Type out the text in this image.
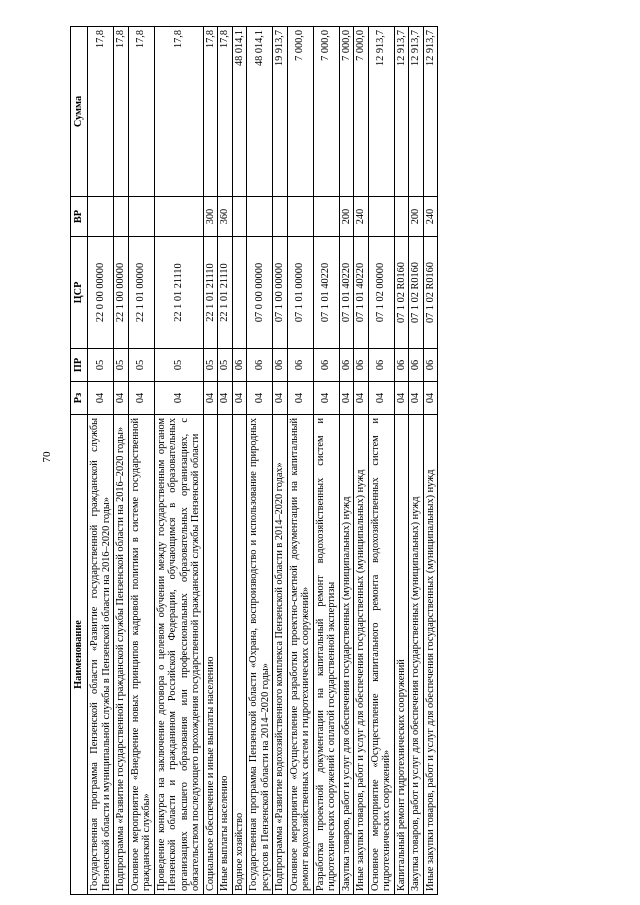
70
Наименование	Рз	ПР	ЦСР	ВР	Сумма
Государственная программа Пензенской области «Развитие государственной гражданской службы Пензенской области и муниципальной службы в Пензенской области на 2016–2020 годы»	04	05	22 0 00 00000		17,8
Подпрограмма «Развитие государственной гражданской службы Пензенской области на 2016–2020 годы»	04	05	22 1 00 00000		17,8
Основное мероприятие «Внедрение новых принципов кадровой политики в системе государственной гражданской службы»	04	05	22 1 01 00000		17,8
Проведение конкурса на заключение договора о целевом обучении между государственным органом Пензенской области и гражданином Российской Федерации, обучающимся в образовательных организациях высшего образования или профессиональных образовательных организациях, с обязательством последующего прохождения государственной гражданской службы Пензенской области	04	05	22 1 01 21110		17,8
Социальное обеспечение и иные выплаты населению	04	05	22 1 01 21110	300	17,8
Иные выплаты населению	04	05	22 1 01 21110	360	17,8
Водное хозяйство	04	06			48 014,1
Государственная программа Пензенской области «Охрана, воспроизводство и использование природных ресурсов в Пензенской области на 2014–2020 годы»	04	06	07 0 00 00000		48 014,1
Подпрограмма «Развитие водохозяйственного комплекса Пензенской области в 2014–2020 годах»	04	06	07 1 00 00000		19 913,7
Основное мероприятие «Осуществление разработки проектно-сметной документации на капитальный ремонт водохозяйственных систем и гидротехнических сооружений»	04	06	07 1 01 00000		7 000,0
Разработка проектной документации на капитальный ремонт водохозяйственных систем и гидротехнических сооружений с оплатой государственной экспертизы	04	06	07 1 01 40220		7 000,0
Закупка товаров, работ и услуг для обеспечения государственных (муниципальных) нужд	04	06	07 1 01 40220	200	7 000,0
Иные закупки товаров, работ и услуг для обеспечения государственных (муниципальных) нужд	04	06	07 1 01 40220	240	7 000,0
Основное мероприятие «Осуществление капитального ремонта водохозяйственных систем и гидротехнических сооружений»	04	06	07 1 02 00000		12 913,7
Капитальный ремонт гидротехнических сооружений	04	06	07 1 02 R0160		12 913,7
Закупка товаров, работ и услуг для обеспечения государственных (муниципальных) нужд	04	06	07 1 02 R0160	200	12 913,7
Иные закупки товаров, работ и услуг для обеспечения государственных (муниципальных) нужд	04	06	07 1 02 R0160	240	12 913,7
